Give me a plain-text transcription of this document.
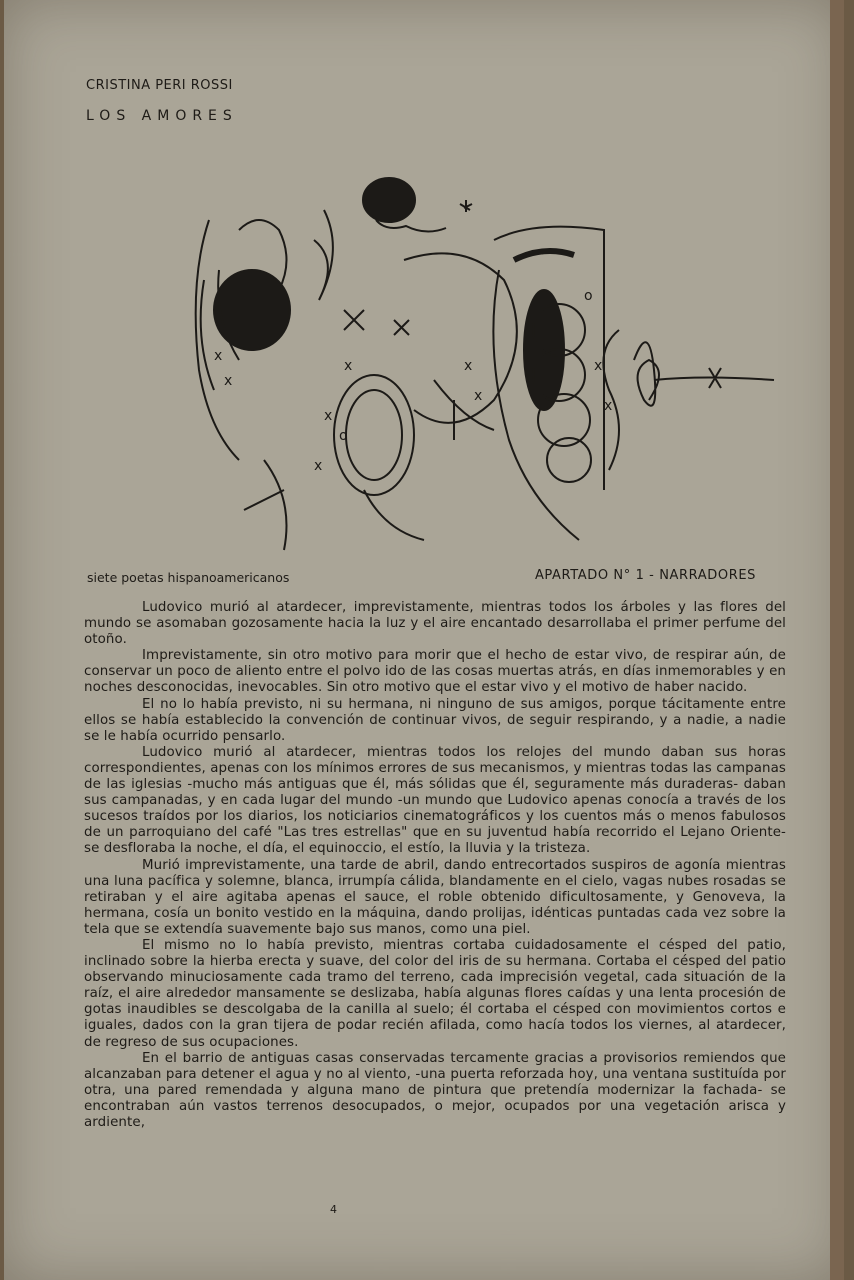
CRISTINA PERI ROSSI
LOS AMORES
x
x
x
x
o
x
x
o
x
x
x
siete poetas hispanoamericanos	APARTADO N° 1 - NARRADORES

Ludovico murió al atardecer, imprevistamente, mientras todos los árboles y las flores del mundo se asomaban gozosamente hacia la luz y el aire encantado desarrollaba el primer perfume del otoño.

Imprevistamente, sin otro motivo para morir que el hecho de estar vivo, de respirar aún, de conservar un poco de aliento entre el polvo ido de las cosas muertas atrás, en días inmemorables y en noches desconocidas, inevocables. Sin otro motivo que el estar vivo y el motivo de haber nacido.

El no lo había previsto, ni su hermana, ni ninguno de sus amigos, porque tácitamente entre ellos se había establecido la convención de continuar vivos, de seguir respirando, y a nadie, a nadie se le había ocurrido pensarlo.

Ludovico murió al atardecer, mientras todos los relojes del mundo daban sus horas correspondientes, apenas con los mínimos errores de sus mecanismos, y mientras todas las campanas de las iglesias -mucho más antiguas que él, más sólidas que él, seguramente más duraderas- daban sus campanadas, y en cada lugar del mundo -un mundo que Ludovico apenas conocía a través de los sucesos traídos por los diarios, los noticiarios cinematográficos y los cuentos más o menos fabulosos de un parroquiano del café "Las tres estrellas" que en su juventud había recorrido el Lejano Oriente- se desfloraba la noche, el día, el equinoccio, el estío, la lluvia y la tristeza.

Murió imprevistamente, una tarde de abril, dando entrecortados suspiros de agonía mientras una luna pacífica y solemne, blanca, irrumpía cálida, blandamente en el cielo, vagas nubes rosadas se retiraban y el aire agitaba apenas el sauce, el roble obtenido dificultosamente, y Genoveva, la hermana, cosía un bonito vestido en la máquina, dando prolijas, idénticas puntadas cada vez sobre la tela que se extendía suavemente bajo sus manos, como una piel.

El mismo no lo había previsto, mientras cortaba cuidadosamente el césped del patio, inclinado sobre la hierba erecta y suave, del color del iris de su hermana. Cortaba el césped del patio observando minuciosamente cada tramo del terreno, cada imprecisión vegetal, cada situación de la raíz, el aire alrededor mansamente se deslizaba, había algunas flores caídas y una lenta procesión de gotas inaudibles se descolgaba de la canilla al suelo; él cortaba el césped con movimientos cortos e iguales, dados con la gran tijera de podar recién afilada, como hacía todos los viernes, al atardecer, de regreso de sus ocupaciones.

En el barrio de antiguas casas conservadas tercamente gracias a provisorios remiendos que alcanzaban para detener el agua y no al viento, -una puerta reforzada hoy, una ventana sustituída por otra, una pared remendada y alguna mano de pintura que pretendía modernizar la fachada- se encontraban aún vastos terrenos desocupados, o mejor, ocupados por una vegetación arisca y ardiente,

4
